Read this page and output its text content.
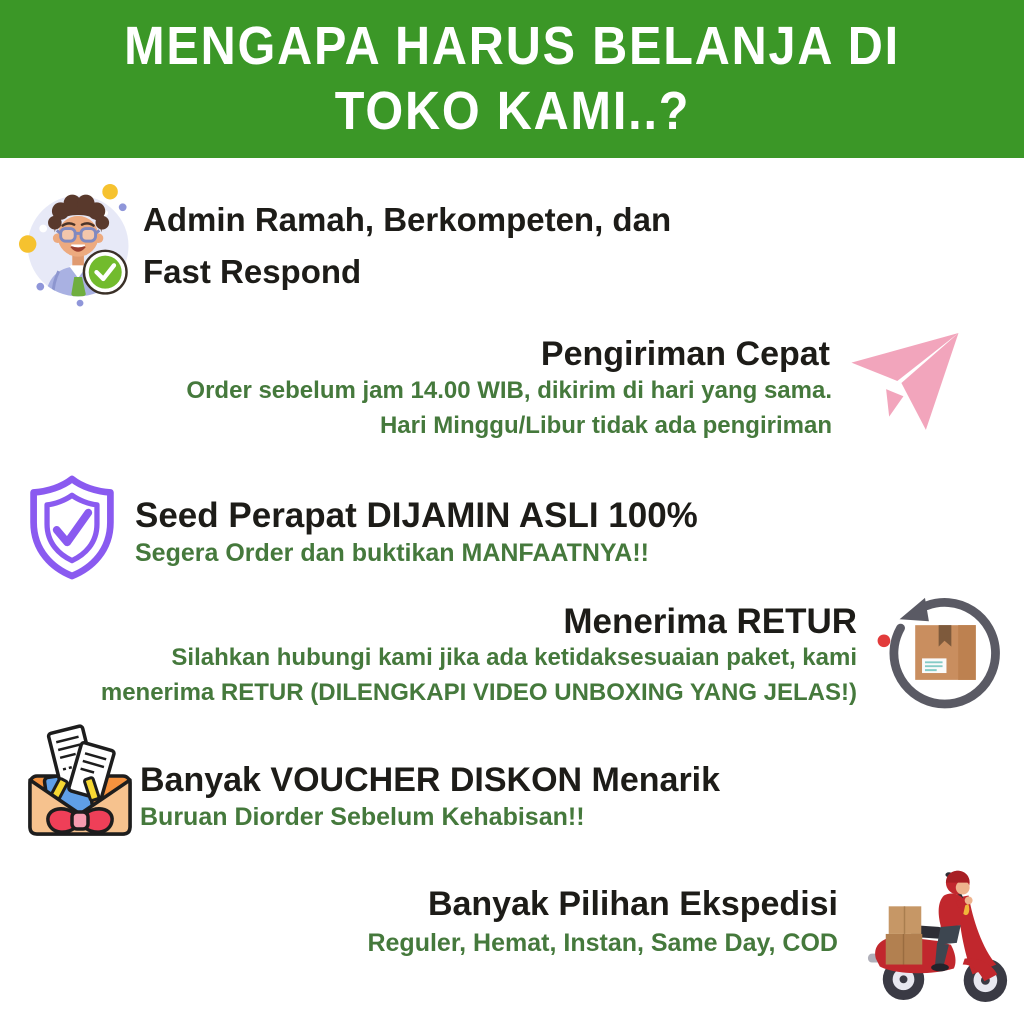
MENGAPA HARUS BELANJA DI
TOKO KAMI..?
Admin Ramah, Berkompeten, dan
Fast Respond
Pengiriman Cepat
Order sebelum jam 14.00 WIB, dikirim di hari yang sama.
Hari Minggu/Libur tidak ada pengiriman
Seed Perapat DIJAMIN ASLI 100%
Segera Order dan buktikan MANFAATNYA!!
Menerima RETUR
Silahkan hubungi kami jika ada ketidaksesuaian paket, kami
menerima RETUR (DILENGKAPI VIDEO UNBOXING YANG JELAS!)
Banyak VOUCHER DISKON Menarik
Buruan Diorder Sebelum Kehabisan!!
Banyak Pilihan Ekspedisi
Reguler, Hemat, Instan, Same Day, COD
